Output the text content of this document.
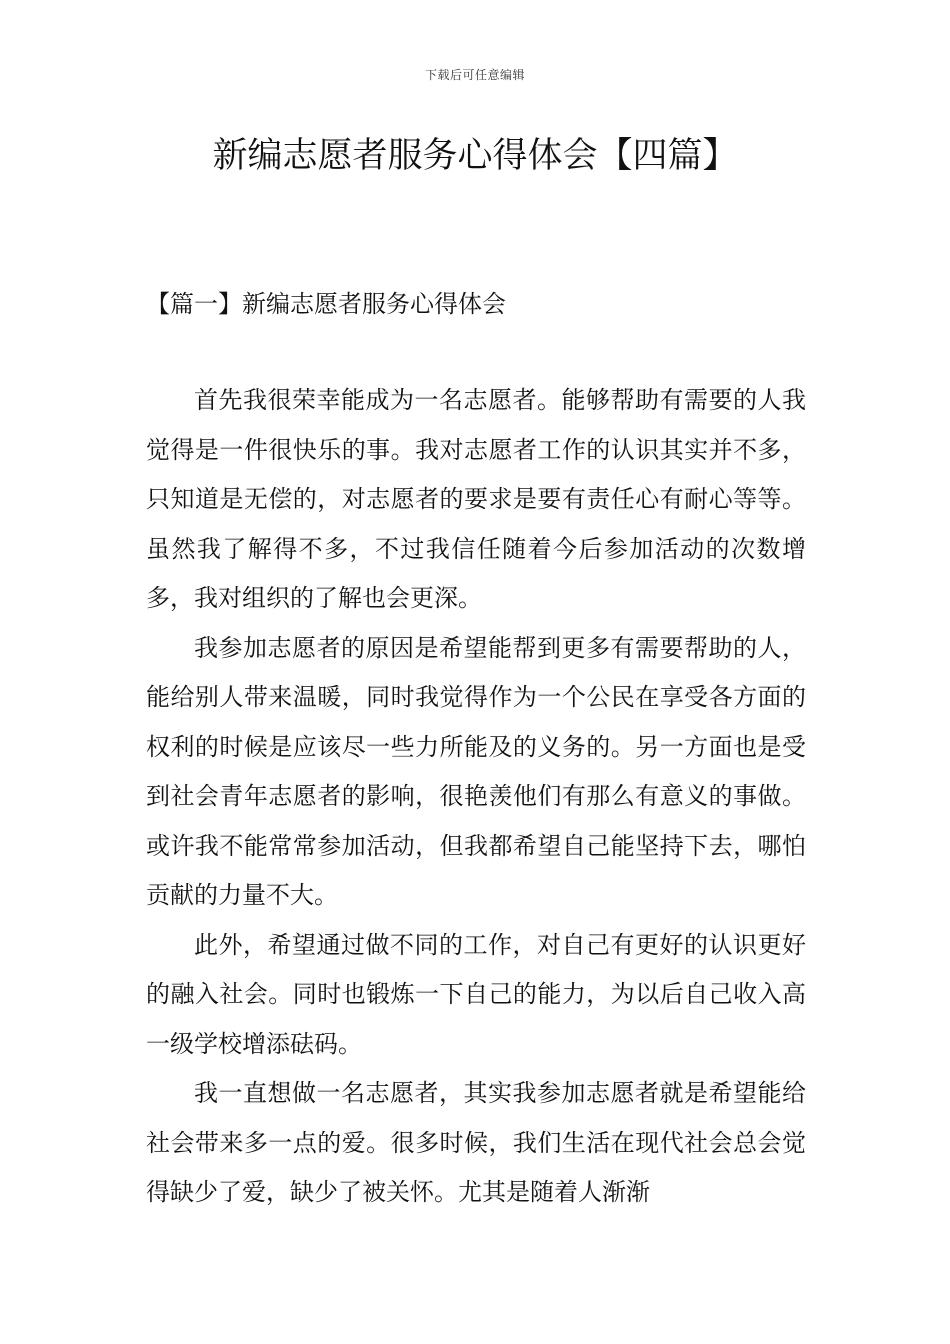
下载后可任意编辑
新编志愿者服务心得体会【四篇】
【篇一】新编志愿者服务心得体会

首先我很荣幸能成为一名志愿者。能够帮助有需要的人我觉得是一件很快乐的事。我对志愿者工作的认识其实并不多，只知道是无偿的，对志愿者的要求是要有责任心有耐心等等。虽然我了解得不多，不过我信任随着今后参加活动的次数增多，我对组织的了解也会更深。

我参加志愿者的原因是希望能帮到更多有需要帮助的人，能给别人带来温暖，同时我觉得作为一个公民在享受各方面的权利的时候是应该尽一些力所能及的义务的。另一方面也是受到社会青年志愿者的影响，很艳羡他们有那么有意义的事做。或许我不能常常参加活动，但我都希望自己能坚持下去，哪怕贡献的力量不大。

此外，希望通过做不同的工作，对自己有更好的认识更好的融入社会。同时也锻炼一下自己的能力，为以后自己收入高一级学校增添砝码。

我一直想做一名志愿者，其实我参加志愿者就是希望能给社会带来多一点的爱。很多时候，我们生活在现代社会总会觉得缺少了爱，缺少了被关怀。尤其是随着人渐渐
